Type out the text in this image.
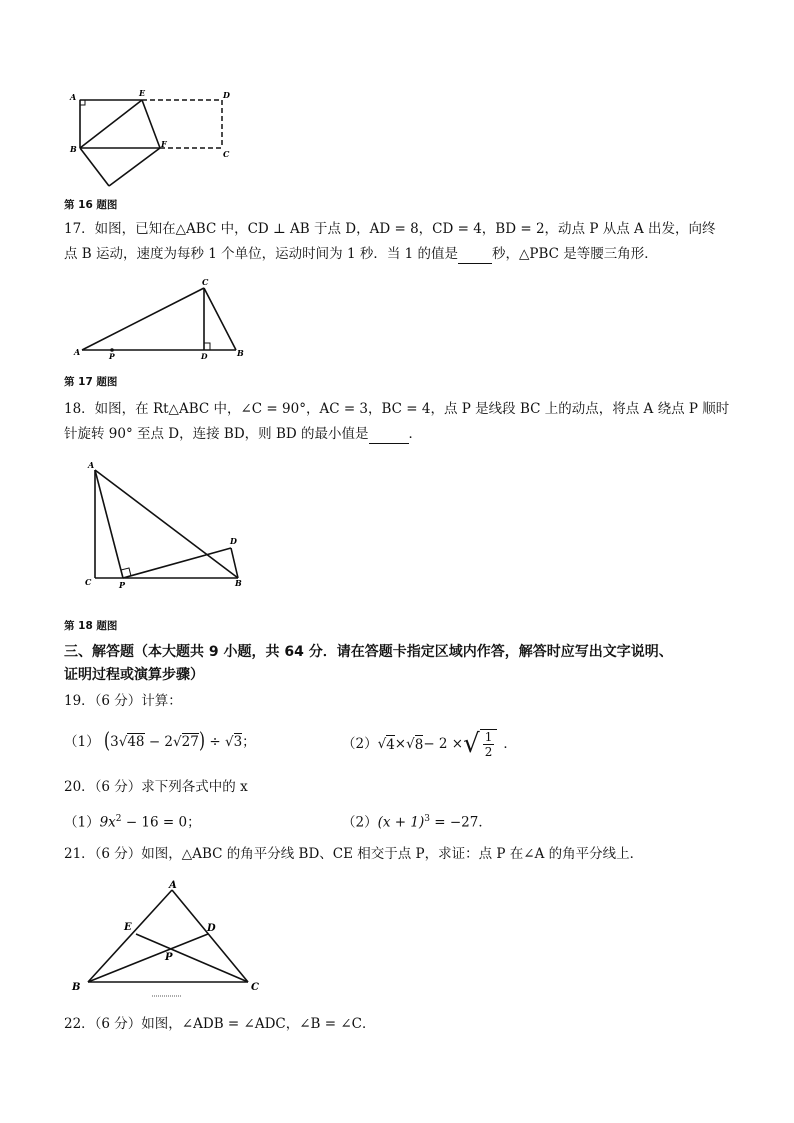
A	E	D
B	F
C
第 16 题图
17．如图，已知在△ABC 中，CD ⊥ AB 于点 D，AD = 8，CD = 4，BD = 2，动点 P 从点 A 出发，向终
点 B 运动，速度为每秒 1 个单位，运动时间为 1 秒．当 1 的值是	秒，△PBC 是等腰三角形．
A	P	D	B
C
第 17 题图
18．如图，在 Rt△ABC 中，∠C = 90°，AC = 3，BC = 4，点 P 是线段 BC 上的动点，将点 A 绕点 P 顺时
针旋转 90° 至点 D，连接 BD，则 BD 的最小值是	．
A
D
C	P	B
第 18 题图
三、解答题（本大题共 9 小题，共 64 分．请在答题卡指定区域内作答，解答时应写出文字说明、
证明过程或演算步骤）
19．（6 分）计算：
（1） (3√48 − 2√27) ÷ √3；	（2） √ 4 × √ 8 − 2 × √ $\frac{1}{2}$ ．
20．（6 分）求下列各式中的 x
$(1)9x^2 - 16 = 0$；	$(2)(x + 1)^3 = -27$．
21．（6 分）如图，△ABC 的角平分线 BD、CE 相交于点 P，求证：点 P 在∠A 的角平分线上．
A
E	D
P
B	C
22．（6 分）如图，∠ADB = ∠ADC，∠B = ∠C．
